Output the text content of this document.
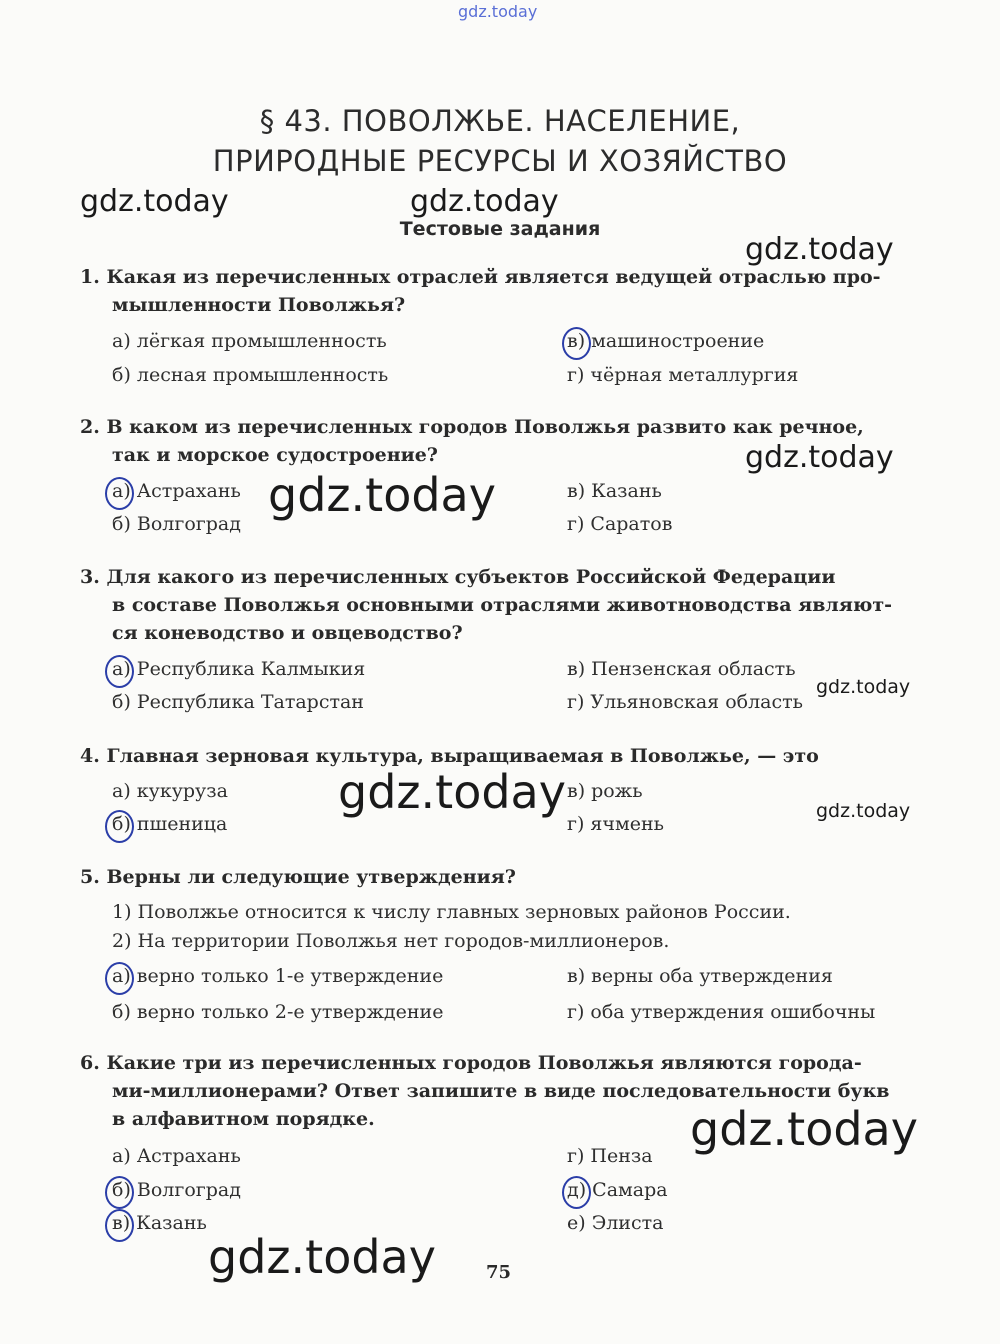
gdz.today
§ 43. ПОВОЛЖЬЕ. НАСЕЛЕНИЕ,
ПРИРОДНЫЕ РЕСУРСЫ И ХОЗЯЙСТВО
Тестовые задания
1. Какая из перечисленных отраслей является ведущей отраслью про-
мышленности Поволжья?
а) лёгкая промышленность	в) машиностроение
б) лесная промышленность	г) чёрная металлургия
2. В каком из перечисленных городов Поволжья развито как речное,
так и морское судостроение?
а) Астрахань	в) Казань
б) Волгоград	г) Саратов
3. Для какого из перечисленных субъектов Российской Федерации
в составе Поволжья основными отраслями животноводства являют-
ся коневодство и овцеводство?
а) Республика Калмыкия	в) Пензенская область
б) Республика Татарстан	г) Ульяновская область
4. Главная зерновая культура, выращиваемая в Поволжье, — это
а) кукуруза	в) рожь
б) пшеница	г) ячмень
5. Верны ли следующие утверждения?
1) Поволжье относится к числу главных зерновых районов России.
2) На территории Поволжья нет городов-миллионеров.
а) верно только 1-е утверждение	в) верны оба утверждения
б) верно только 2-е утверждение	г) оба утверждения ошибочны
6. Какие три из перечисленных городов Поволжья являются города-
ми-миллионерами? Ответ запишите в виде последовательности букв
в алфавитном порядке.
а) Астрахань	г) Пенза
б) Волгоград	д) Самара
в) Казань	е) Элиста
75
gdz.today	gdz.today
gdz.today
gdz.today
gdz.today
gdz.today
gdz.today	gdz.today
gdz.today
gdz.today
